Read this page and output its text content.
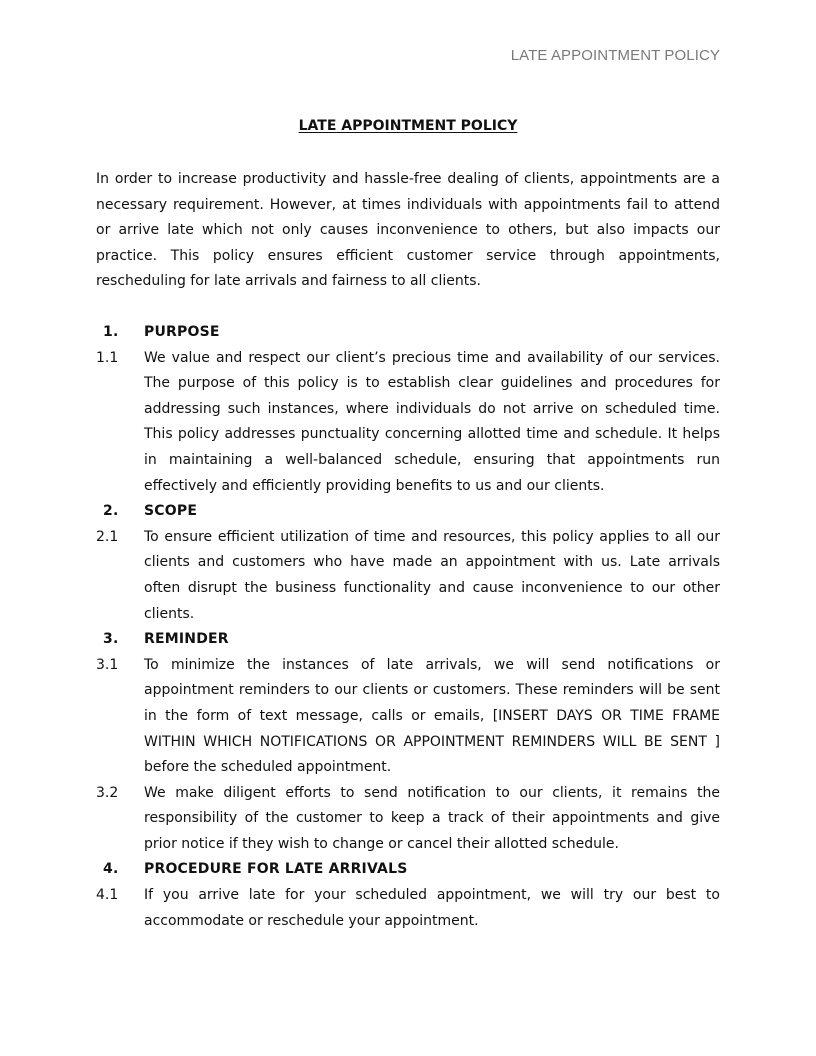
LATE APPOINTMENT POLICY
LATE APPOINTMENT POLICY

In order to increase productivity and hassle-free dealing of clients, appointments are a necessary requirement. However, at times individuals with appointments fail to attend or arrive late which not only causes inconvenience to others, but also impacts our practice. This policy ensures efficient customer service through appointments, rescheduling for late arrivals and fairness to all clients.

1.	PURPOSE
1.1	We value and respect our client’s precious time and availability of our services. The purpose of this policy is to establish clear guidelines and procedures for addressing such instances, where individuals do not arrive on scheduled time. This policy addresses punctuality concerning allotted time and schedule. It helps in maintaining a well-balanced schedule, ensuring that appointments run effectively and efficiently providing benefits to us and our clients.

2.	SCOPE
2.1	To ensure efficient utilization of time and resources, this policy applies to all our clients and customers who have made an appointment with us. Late arrivals often disrupt the business functionality and cause inconvenience to our other clients.

3.	REMINDER
3.1	To minimize the instances of late arrivals, we will send notifications or appointment reminders to our clients or customers. These reminders will be sent in the form of text message, calls or emails, [INSERT DAYS OR TIME FRAME WITHIN WHICH NOTIFICATIONS OR APPOINTMENT REMINDERS WILL BE SENT ] before the scheduled appointment.

3.2	We make diligent efforts to send notification to our clients, it remains the responsibility of the customer to keep a track of their appointments and give prior notice if they wish to change or cancel their allotted schedule.

4.	PROCEDURE FOR LATE ARRIVALS
4.1	If you arrive late for your scheduled appointment, we will try our best to accommodate or reschedule your appointment.
